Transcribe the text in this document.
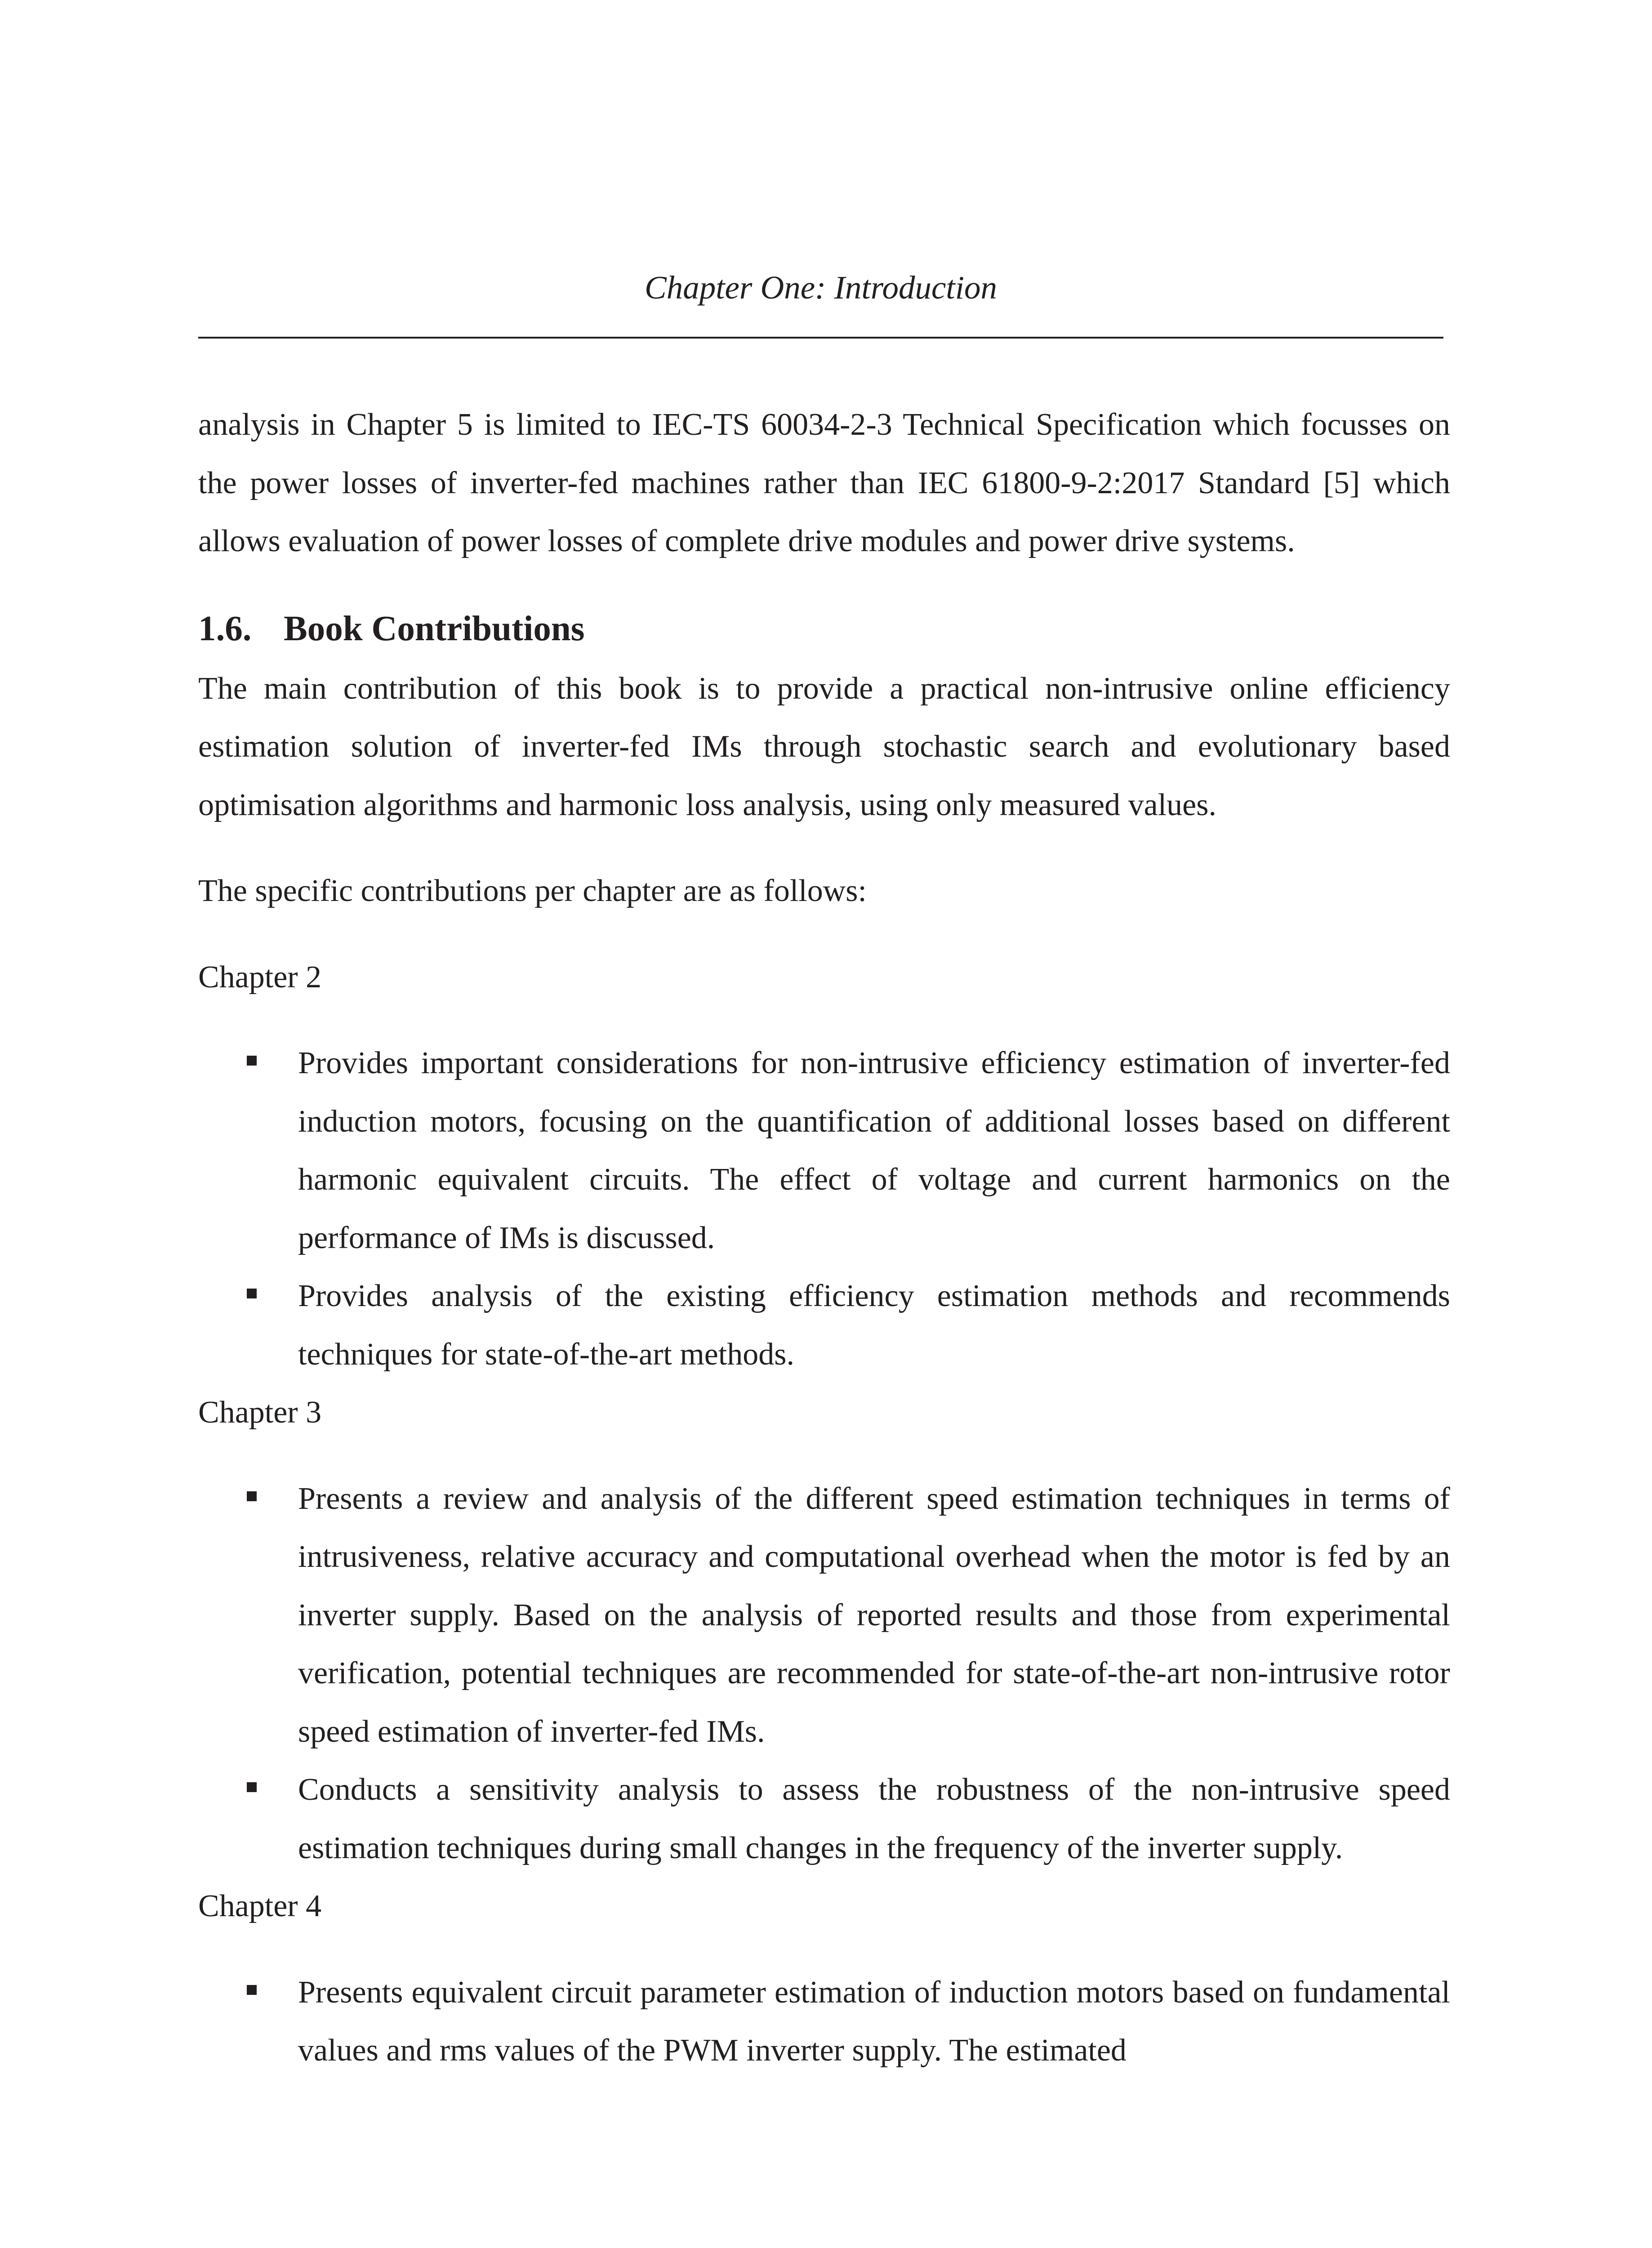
Chapter One: Introduction

analysis in Chapter 5 is limited to IEC-TS 60034-2-3 Technical Specification which focusses on the power losses of inverter-fed machines rather than IEC 61800-9-2:2017 Standard [5] which allows evaluation of power losses of complete drive modules and power drive systems.

1.6. Book Contributions

The main contribution of this book is to provide a practical non-intrusive online efficiency estimation solution of inverter-fed IMs through stochastic search and evolutionary based optimisation algorithms and harmonic loss analysis, using only measured values.

The specific contributions per chapter are as follows:

Chapter 2

Provides important considerations for non-intrusive efficiency estimation of inverter-fed induction motors, focusing on the quantification of additional losses based on different harmonic equivalent circuits. The effect of voltage and current harmonics on the performance of IMs is discussed.
Provides analysis of the existing efficiency estimation methods and recommends techniques for state-of-the-art methods.

Chapter 3

Presents a review and analysis of the different speed estimation techniques in terms of intrusiveness, relative accuracy and computational overhead when the motor is fed by an inverter supply. Based on the analysis of reported results and those from experimental verification, potential techniques are recommended for state-of-the-art non-intrusive rotor speed estimation of inverter-fed IMs.
Conducts a sensitivity analysis to assess the robustness of the non-intrusive speed estimation techniques during small changes in the frequency of the inverter supply.

Chapter 4

Presents equivalent circuit parameter estimation of induction motors based on fundamental values and rms values of the PWM inverter supply. The estimated
